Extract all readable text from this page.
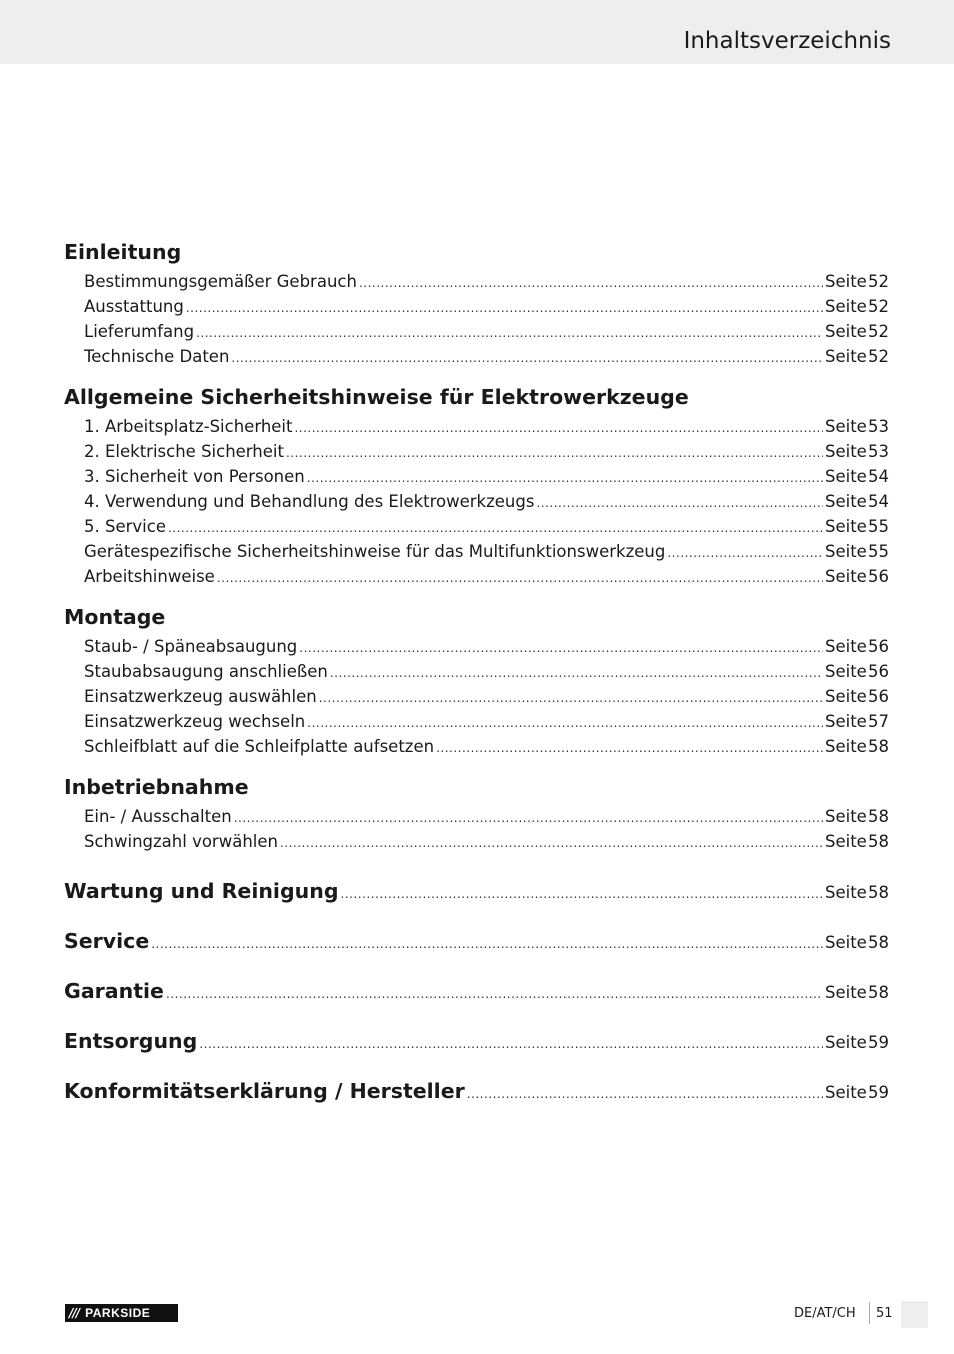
Inhaltsverzeichnis
Einleitung
Bestimmungsgemäßer Gebrauch .....	Seite 52
Ausstattung .....	Seite 52
Lieferumfang .....	Seite 52
Technische Daten .....	Seite 52
Allgemeine Sicherheitshinweise für Elektrowerkzeuge
1. Arbeitsplatz-Sicherheit .....	Seite 53
2. Elektrische Sicherheit .....	Seite 53
3. Sicherheit von Personen .....	Seite 54
4. Verwendung und Behandlung des Elektrowerkzeugs .....	Seite 54
5. Service .....	Seite 55
Gerätespezifische Sicherheitshinweise für das Multifunktionswerkzeug .....	Seite 55
Arbeitshinweise .....	Seite 56
Montage
Staub- / Späneabsaugung .....	Seite 56
Staubabsaugung anschließen .....	Seite 56
Einsatzwerkzeug auswählen .....	Seite 56
Einsatzwerkzeug wechseln .....	Seite 57
Schleifblatt auf die Schleifplatte aufsetzen .....	Seite 58
Inbetriebnahme
Ein- / Ausschalten .....	Seite 58
Schwingzahl vorwählen .....	Seite 58
Wartung und Reinigung .....	Seite 58
Service .....	Seite 58
Garantie .....	Seite 58
Entsorgung .....	Seite 59
Konformitätserklärung / Hersteller .....	Seite 59
/// PARKSIDE	DE/AT/CH 51
